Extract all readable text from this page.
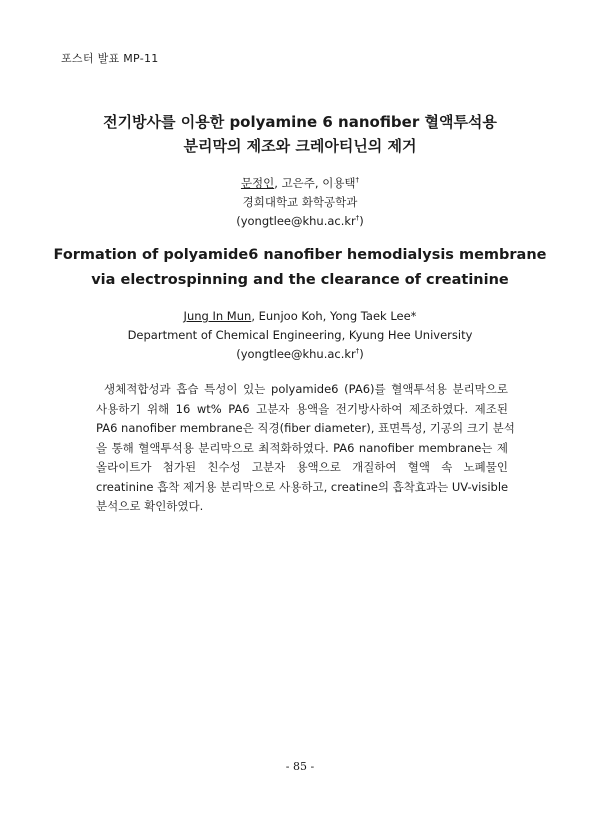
포스터 발표 MP-11
전기방사를 이용한 polyamine 6 nanofiber 혈액투석용
분리막의 제조와 크레아티닌의 제거
문정인, 고은주, 이용택†
경희대학교 화학공학과
(yongtlee@khu.ac.kr†)
Formation of polyamide6 nanofiber hemodialysis membrane
via electrospinning and the clearance of creatinine
Jung In Mun, Eunjoo Koh, Yong Taek Lee*
Department of Chemical Engineering, Kyung Hee University
(yongtlee@khu.ac.kr†)
생체적합성과 흡습 특성이 있는 polyamide6 (PA6)를 혈액투석용 분리막으로
사용하기 위해 16 wt% PA6 고분자 용액을 전기방사하여 제조하였다. 제조된
PA6 nanofiber membrane은 직경(fiber diameter), 표면특성, 기공의 크기 분석
을 통해 혈액투석용 분리막으로 최적화하였다. PA6 nanofiber membrane는 제
올라이트가 첨가된 친수성 고분자 용액으로 개질하여 혈액 속 노폐물인
creatinine 흡착 제거용 분리막으로 사용하고, creatine의 흡착효과는 UV-visible
분석으로 확인하였다.
- 85 -
